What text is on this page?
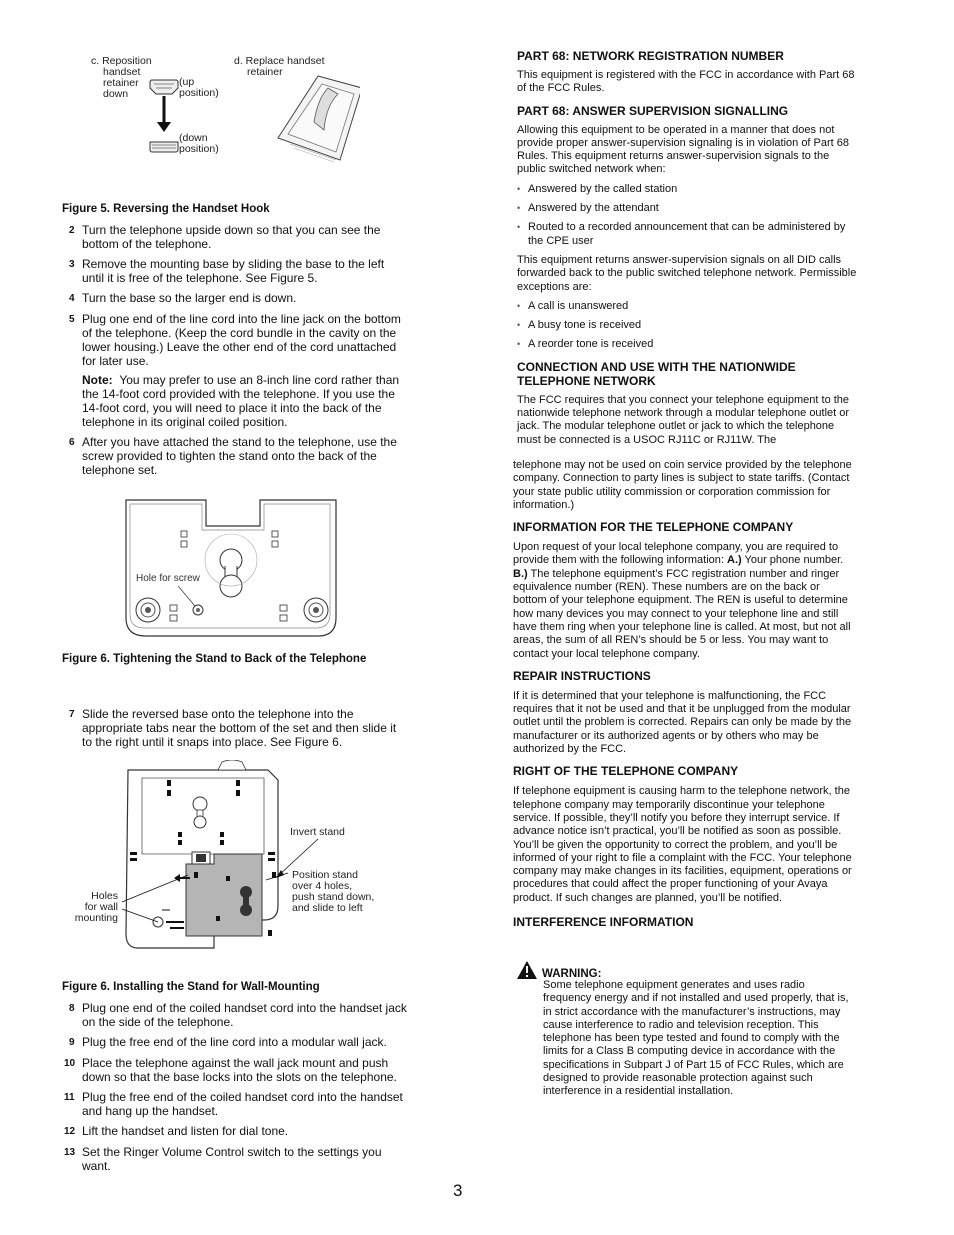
c. Reposition
handset
retainer
down
d. Replace handset
retainer
(up
position)
(down
position)
Figure 5. Reversing the Handset Hook
2 Turn the telephone upside down so that you can see the bottom of the telephone.
3 Remove the mounting base by sliding the base to the left until it is free of the telephone. See Figure 5.
4 Turn the base so the larger end is down.
5 Plug one end of the line cord into the line jack on the bottom of the telephone. (Keep the cord bundle in the cavity on the lower housing.) Leave the other end of the cord unattached for later use.
Note: You may prefer to use an 8-inch line cord rather than the 14-foot cord provided with the telephone. If you use the 14-foot cord, you will need to place it into the back of the telephone in its original coiled position.
6 After you have attached the stand to the telephone, use the screw provided to tighten the stand onto the back of the telephone set.
Hole for screw
Figure 6. Tightening the Stand to Back of the Telephone
7 Slide the reversed base onto the telephone into the appropriate tabs near the bottom of the set and then slide it to the right until it snaps into place. See Figure 6.
Invert stand
Position stand
over 4 holes,
push stand down,
and slide to left
Holes
for wall
mounting
Figure 6. Installing the Stand for Wall-Mounting
8 Plug one end of the coiled handset cord into the handset jack on the side of the telephone.
9 Plug the free end of the line cord into a modular wall jack.
10 Place the telephone against the wall jack mount and push down so that the base locks into the slots on the telephone.
11 Plug the free end of the coiled handset cord into the handset and hang up the handset.
12 Lift the handset and listen for dial tone.
13 Set the Ringer Volume Control switch to the settings you want.
PART 68: NETWORK REGISTRATION NUMBER
This equipment is registered with the FCC in accordance with Part 68 of the FCC Rules.
PART 68: ANSWER SUPERVISION SIGNALLING
Allowing this equipment to be operated in a manner that does not provide proper answer-supervision signaling is in violation of Part 68 Rules. This equipment returns answer-supervision signals to the public switched network when:
• Answered by the called station
• Answered by the attendant
• Routed to a recorded announcement that can be administered by the CPE user
This equipment returns answer-supervision signals on all DID calls forwarded back to the public switched telephone network. Permissible exceptions are:
• A call is unanswered
• A busy tone is received
• A reorder tone is received
CONNECTION AND USE WITH THE NATIONWIDE TELEPHONE NETWORK
The FCC requires that you connect your telephone equipment to the nationwide telephone network through a modular telephone outlet or jack. The modular telephone outlet or jack to which the telephone must be connected is a USOC RJ11C or RJ11W. The
telephone may not be used on coin service provided by the telephone company. Connection to party lines is subject to state tariffs. (Contact your state public utility commission or corporation commission for information.)
INFORMATION FOR THE TELEPHONE COMPANY
Upon request of your local telephone company, you are required to provide them with the following information: A.) Your phone number. B.) The telephone equipment’s FCC registration number and ringer equivalence number (REN). These numbers are on the back or bottom of your telephone equipment. The REN is useful to determine how many devices you may connect to your telephone line and still have them ring when your telephone line is called. At most, but not all areas, the sum of all REN’s should be 5 or less. You may want to contact your local telephone company.
REPAIR INSTRUCTIONS
If it is determined that your telephone is malfunctioning, the FCC requires that it not be used and that it be unplugged from the modular outlet until the problem is corrected. Repairs can only be made by the manufacturer or its authorized agents or by others who may be authorized by the FCC.
RIGHT OF THE TELEPHONE COMPANY
If telephone equipment is causing harm to the telephone network, the telephone company may temporarily discontinue your telephone service. If possible, they’ll notify you before they interrupt service. If advance notice isn’t practical, you’ll be notified as soon as possible. You’ll be given the opportunity to correct the problem, and you’ll be informed of your right to file a complaint with the FCC. Your telephone company may make changes in its facilities, equipment, operations or procedures that could affect the proper functioning of your Avaya product. If such changes are planned, you’ll be notified.
INTERFERENCE INFORMATION
WARNING:
Some telephone equipment generates and uses radio frequency energy and if not installed and used properly, that is, in strict accordance with the manufacturer’s instructions, may cause interference to radio and television reception. This telephone has been type tested and found to comply with the limits for a Class B computing device in accordance with the specifications in Subpart J of Part 15 of FCC Rules, which are designed to provide reasonable protection against such interference in a residential installation.
3
